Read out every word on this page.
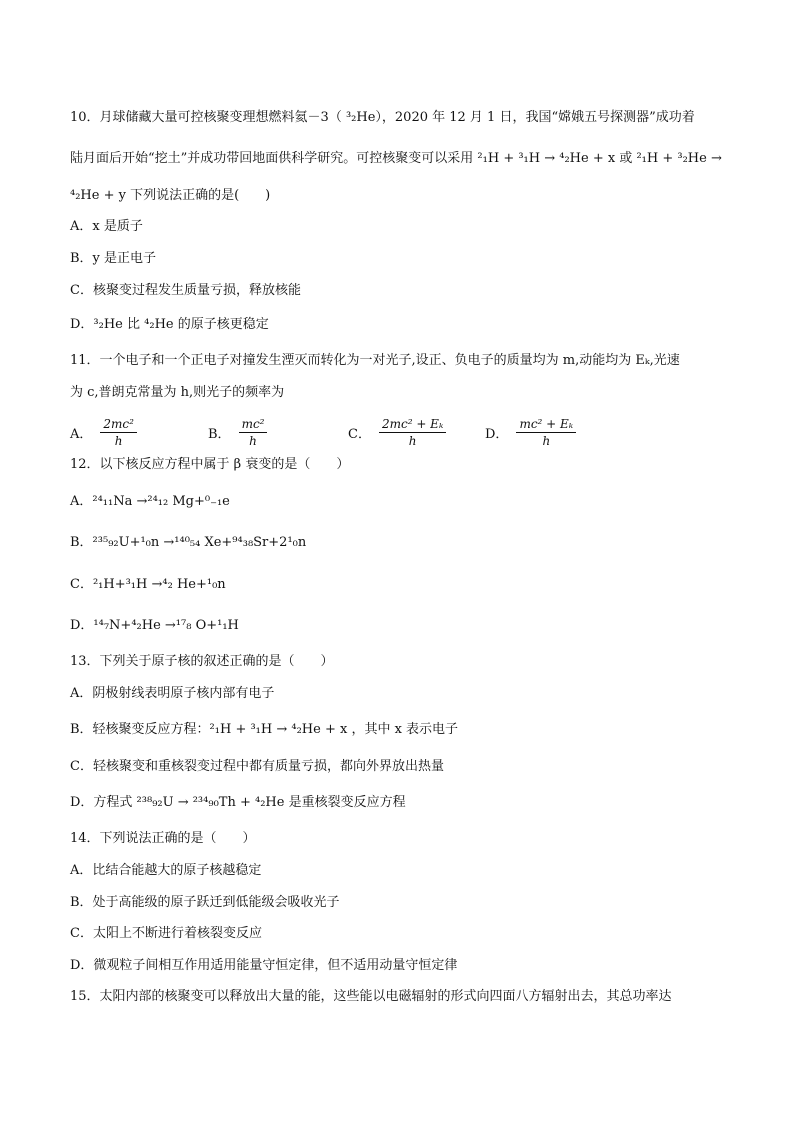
10．月球储藏大量可控核聚变理想燃料氦－3（ ³₂He），2020 年 12 月 1 日，我国“嫦娥五号探测器”成功着
陆月面后开始“挖土”并成功带回地面供科学研究。可控核聚变可以采用 ²₁H + ³₁H → ⁴₂He + x 或 ²₁H + ³₂He →
⁴₂He + y 下列说法正确的是(　　)
A．x 是质子
B．y 是正电子
C．核聚变过程发生质量亏损，释放核能
D．³₂He 比 ⁴₂He 的原子核更稳定
11．一个电子和一个正电子对撞发生湮灭而转化为一对光子,设正、负电子的质量均为 m,动能均为 Eₖ,光速
为 c,普朗克常量为 h,则光子的频率为
A． $\frac{\text{2mc²}}{h}$	B． $\frac{\text{mc²}}{h}$	C． $\frac{\text{2mc² + Eₖ}}{h}$	D． $\frac{\text{mc² + Eₖ}}{h}$
12．以下核反应方程中属于 β 衰变的是（　　）
A．²⁴₁₁Na →²⁴₁₂ Mg+⁰₋₁e
B．²³⁵₉₂U+¹₀n →¹⁴⁰₅₄ Xe+⁹⁴₃₈Sr+2¹₀n
C．²₁H+³₁H →⁴₂ He+¹₀n
D．¹⁴₇N+⁴₂He →¹⁷₈ O+¹₁H
13．下列关于原子核的叙述正确的是（　　）
A．阴极射线表明原子核内部有电子
B．轻核聚变反应方程：²₁H + ³₁H → ⁴₂He + x ，其中 x 表示电子
C．轻核聚变和重核裂变过程中都有质量亏损，都向外界放出热量
D．方程式 ²³⁸₉₂U → ²³⁴₉₀Th + ⁴₂He 是重核裂变反应方程
14．下列说法正确的是（　　）
A．比结合能越大的原子核越稳定
B．处于高能级的原子跃迁到低能级会吸收光子
C．太阳上不断进行着核裂变反应
D．微观粒子间相互作用适用能量守恒定律，但不适用动量守恒定律
15．太阳内部的核聚变可以释放出大量的能，这些能以电磁辐射的形式向四面八方辐射出去，其总功率达
